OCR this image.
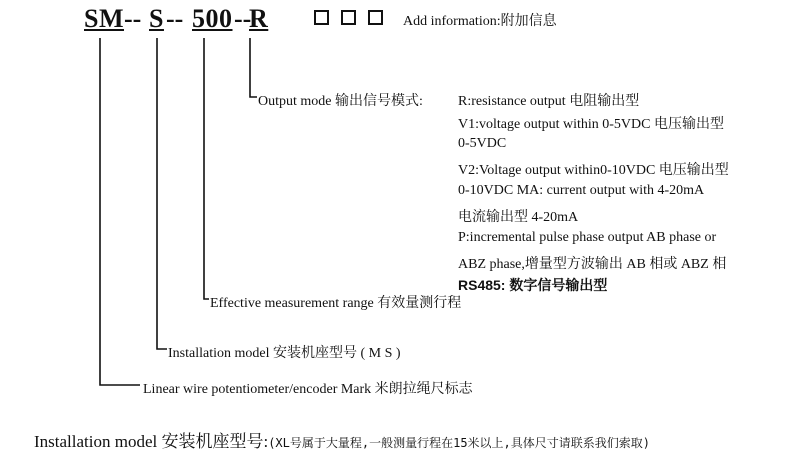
SM -- S -- 500 --
R	Add information:附加信息
Output mode 输出信号模式:	R:resistance output 电阻输出型
V1:voltage output within 0-5VDC 电压输出型
0-5VDC
V2:Voltage output within0-10VDC 电压输出型
0-10VDC MA: current output with 4-20mA
电流输出型 4-20mA
P:incremental pulse phase output AB phase or
ABZ phase,增量型方波输出 AB 相或 ABZ 相
RS485: 数字信号输出型
Effective measurement range 有效量测行程
Installation model 安装机座型号 ( M S )
Linear wire potentiometer/encoder Mark 米朗拉绳尺标志
Installation model 安装机座型号:(XL号属于大量程,一般测量行程在15米以上,具体尺寸请联系我们索取)
